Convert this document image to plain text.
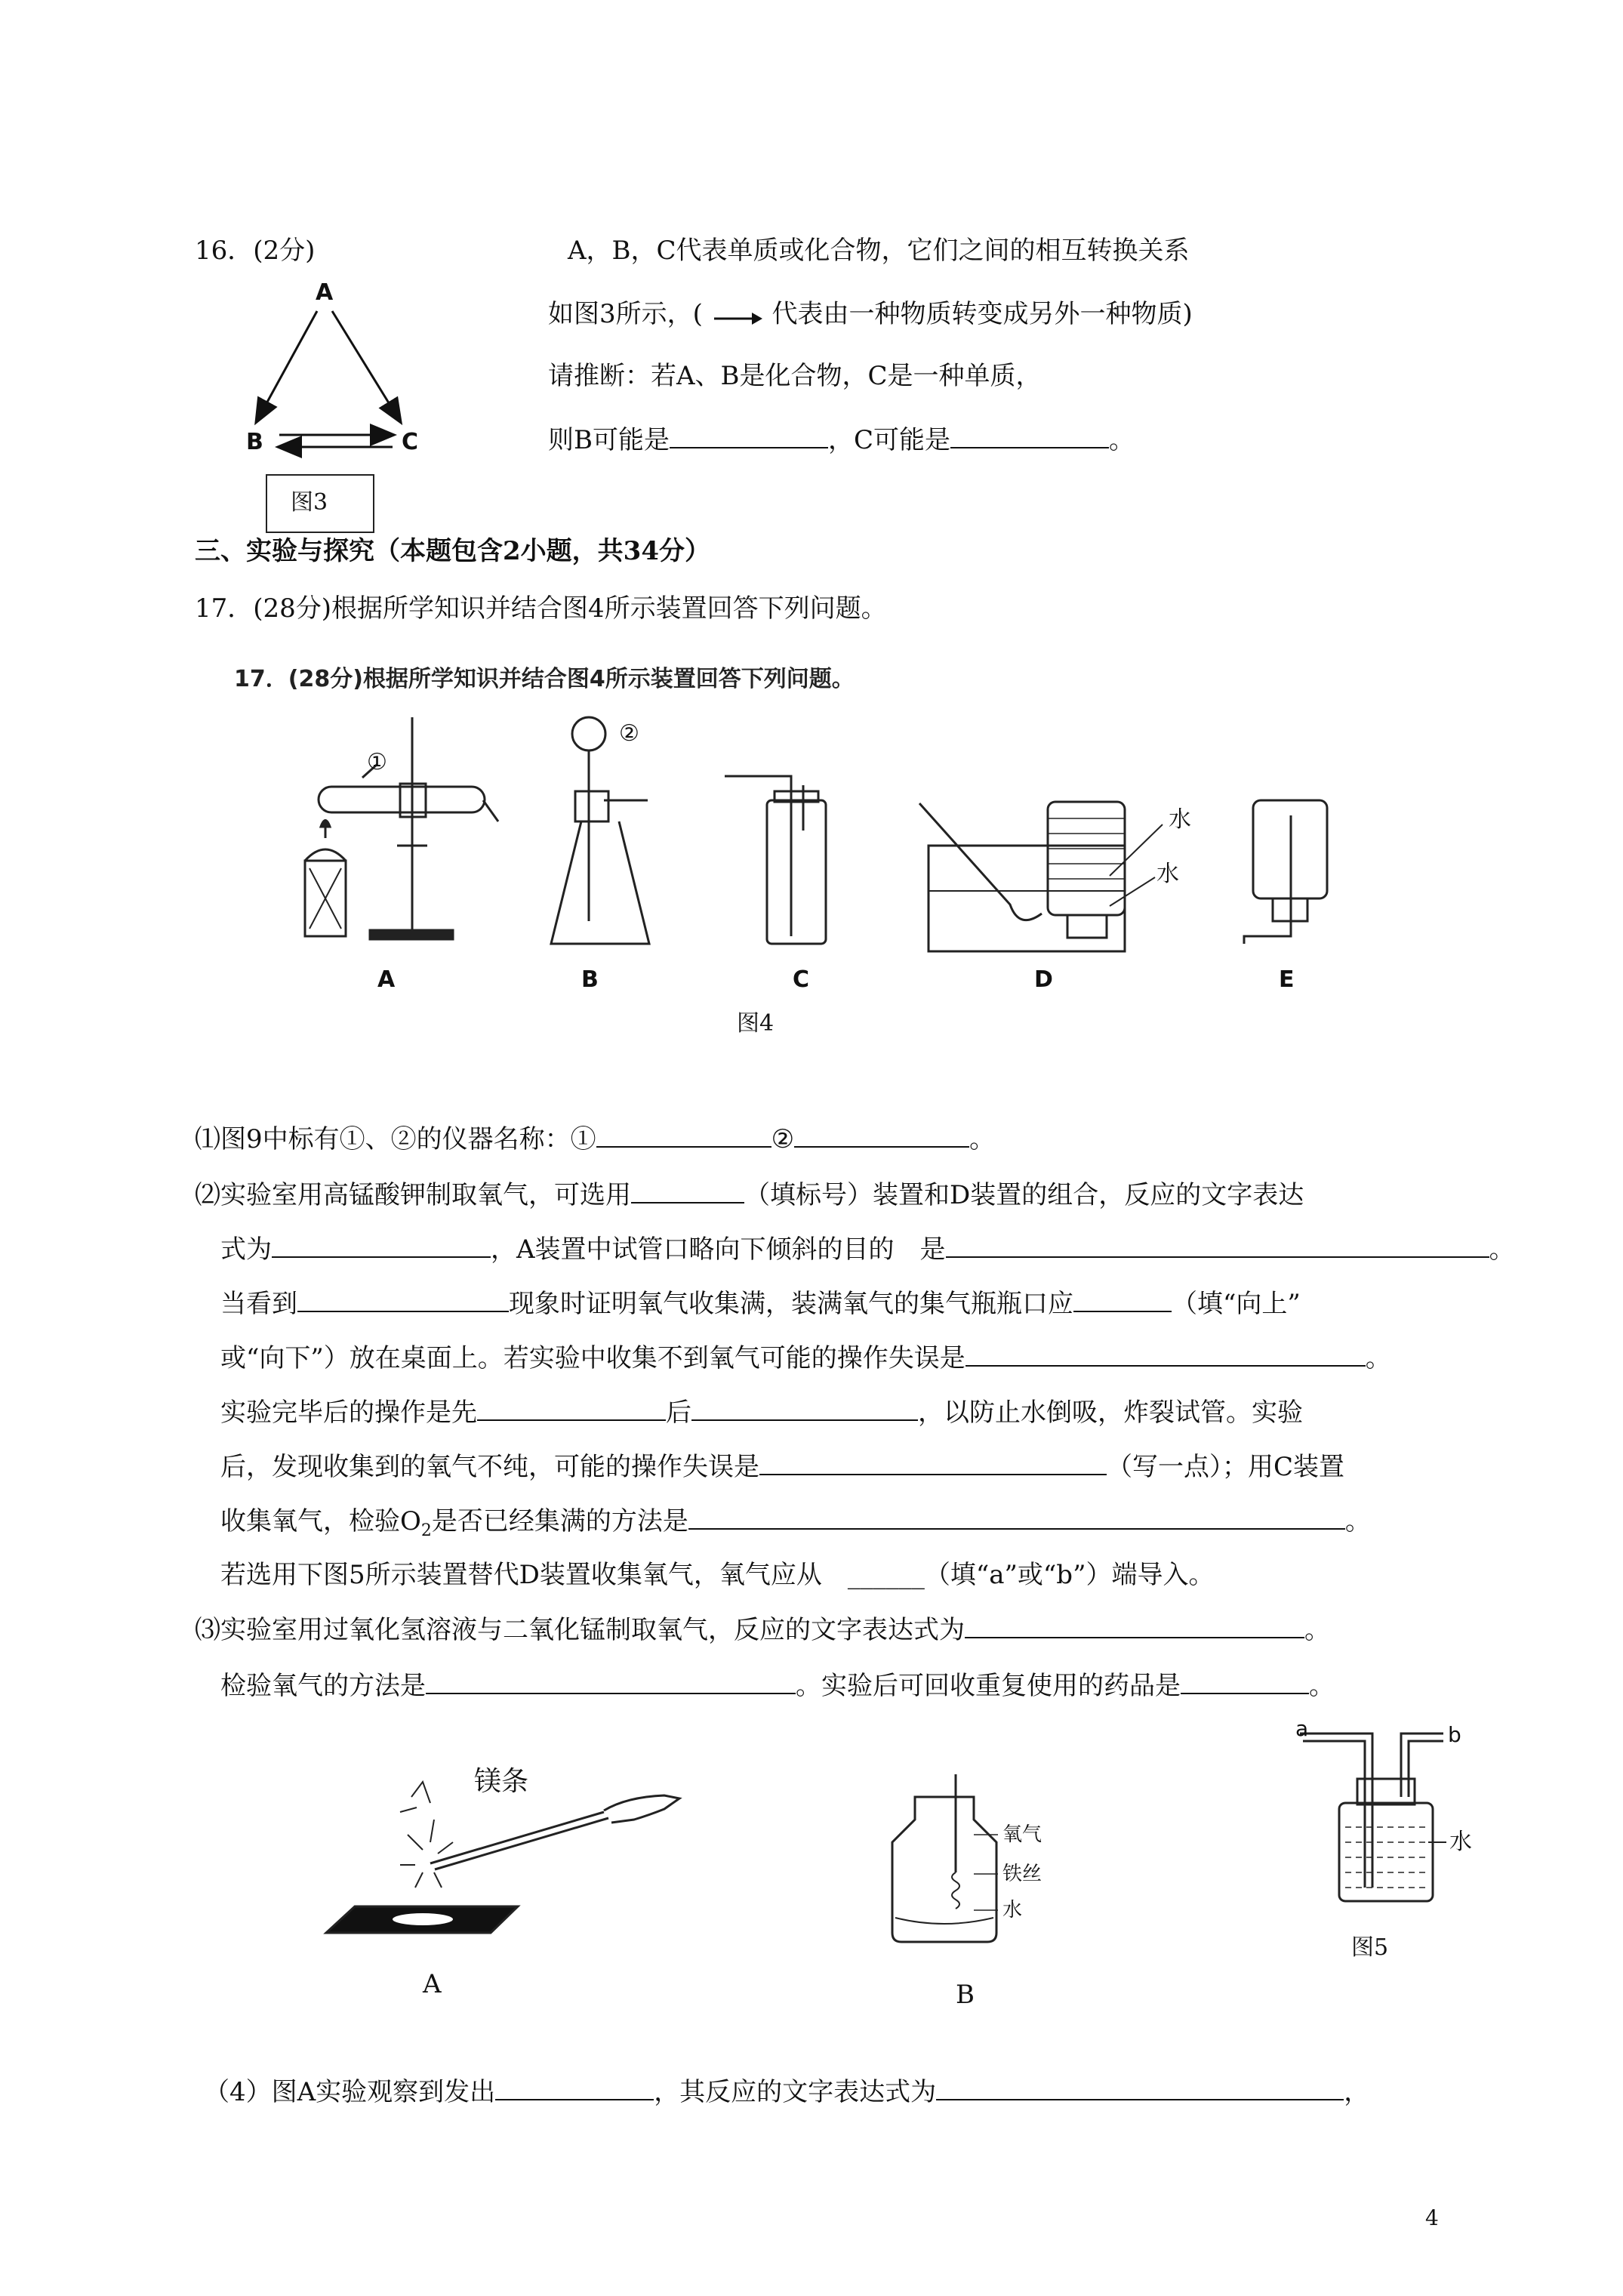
16．(2分)	A，B，C代表单质或化合物，它们之间的相互转换关系
如图3所示，(	代表由一种物质转变成另外一种物质)
请推断：若A、B是化合物，C是一种单质，
则B可能是	，C可能是	。
A
B	C
图3
三、实验与探究（本题包含2小题，共34分）
17．(28分)根据所学知识并结合图4所示装置回答下列问题。
17．(28分)根据所学知识并结合图4所示装置回答下列问题。
①
②
水
水
A	B	C	D	E
图4
⑴图9中标有①、②的仪器名称：①	②	。
⑵实验室用高锰酸钾制取氧气，可选用	（填标号）装置和D装置的组合，反应的文字表达
式为	，A装置中试管口略向下倾斜的目的　是	。
当看到	现象时证明氧气收集满，装满氧气的集气瓶瓶口应	（填“向上”
或“向下”）放在桌面上。若实验中收集不到氧气可能的操作失误是	。
实验完毕后的操作是先	后	，以防止水倒吸，炸裂试管。实验
后，发现收集到的氧气不纯，可能的操作失误是	（写一点）；用C装置
收集氧气，检验$O_2$是否已经集满的方法是	。
若选用下图5所示装置替代D装置收集氧气，氧气应从　______（填“a”或“b”）端导入。
⑶实验室用过氧化氢溶液与二氧化锰制取氧气，反应的文字表达式为	。
检验氧气的方法是	。实验后可回收重复使用的药品是	。
镁条
A
氧气
铁丝
水
B
a	b
水
图5
（4）图A实验观察到发出	，其反应的文字表达式为	，
4
